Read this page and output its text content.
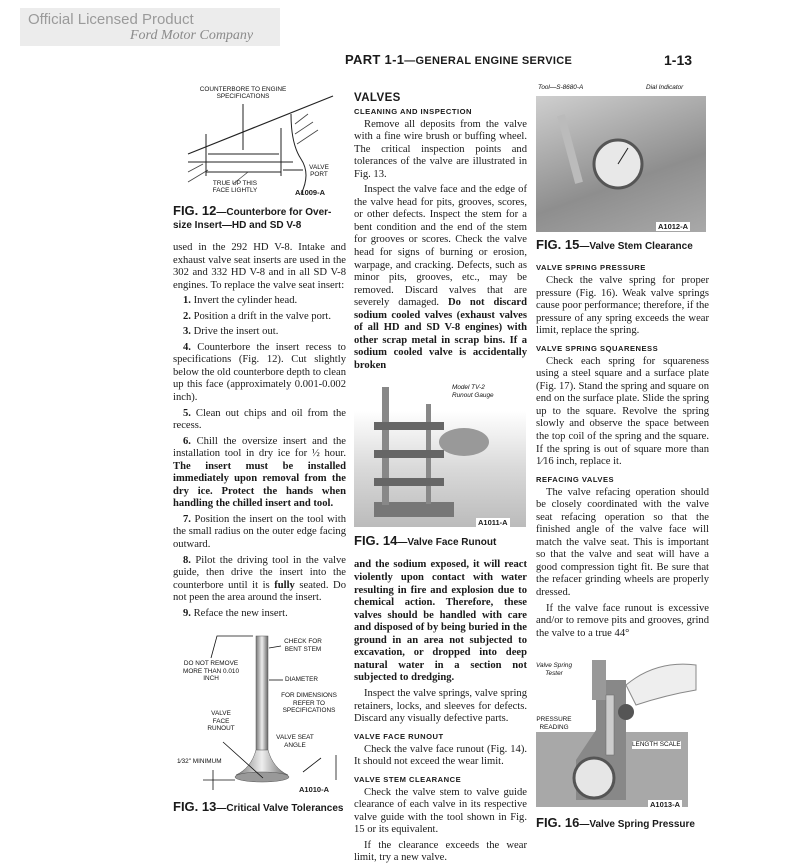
Official Licensed Product
Ford Motor Company
PART 1-1—GENERAL ENGINE SERVICE	1-13
COUNTERBORE TO ENGINE SPECIFICATIONS
VALVE PORT
TRUE UP THIS FACE LIGHTLY	A1009-A
FIG. 12—Counterbore for Over-
size Insert—HD and SD V-8

used in the 292 HD V-8. Intake and exhaust valve seat inserts are used in the 302 and 332 HD V-8 and in all SD V-8 engines. To replace the valve seat insert:

1. Invert the cylinder head.

2. Position a drift in the valve port.

3. Drive the insert out.

4. Counterbore the insert recess to specifications (Fig. 12). Cut slightly below the old counterbore depth to clean up this face (approximately 0.001-0.002 inch).

5. Clean out chips and oil from the recess.

6. Chill the oversize insert and the installation tool in dry ice for ½ hour. The insert must be installed immediately upon removal from the dry ice. Protect the hands when handling the chilled insert and tool.

7. Position the insert on the tool with the small radius on the outer edge facing outward.

8. Pilot the driving tool in the valve guide, then drive the insert into the counterbore until it is fully seated. Do not peen the area around the insert.

9. Reface the new insert.

CHECK FOR BENT STEM
DO NOT REMOVE MORE THAN 0.010 INCH	DIAMETER
FOR DIMENSIONS REFER TO SPECIFICATIONS
VALVE FACE RUNOUT
VALVE SEAT ANGLE
1⁄32" MINIMUM
A1010-A
FIG. 13—Critical Valve Tolerances
VALVES
CLEANING AND INSPECTION

Remove all deposits from the valve with a fine wire brush or buffing wheel. The critical inspection points and tolerances of the valve are illustrated in Fig. 13.

Inspect the valve face and the edge of the valve head for pits, grooves, scores, or other defects. Inspect the stem for a bent condition and the end of the stem for grooves or scores. Check the valve head for signs of burning or erosion, warpage, and cracking. Defects, such as minor pits, grooves, etc., may be removed. Discard valves that are severely damaged. Do not discard sodium cooled valves (exhaust valves of all HD and SD V-8 engines) with other scrap metal in scrap bins. If a sodium cooled valve is accidentally broken

Model TV-2 Runout Gauge
A1011-A
FIG. 14—Valve Face Runout

and the sodium exposed, it will react violently upon contact with water resulting in fire and explosion due to chemical action. Therefore, these valves should be handled with care and disposed of by being buried in the ground in an area not subjected to excavation, or dropped into deep natural water in a section not subjected to dredging.

Inspect the valve springs, valve spring retainers, locks, and sleeves for defects. Discard any visually defective parts.

VALVE FACE RUNOUT

Check the valve face runout (Fig. 14). It should not exceed the wear limit.

VALVE STEM CLEARANCE

Check the valve stem to valve guide clearance of each valve in its respective valve guide with the tool shown in Fig. 15 or its equivalent.

If the clearance exceeds the wear limit, try a new valve.

Tool—S-8680-A	Dial Indicator
A1012-A
FIG. 15—Valve Stem Clearance
VALVE SPRING PRESSURE

Check the valve spring for proper pressure (Fig. 16). Weak valve springs cause poor performance; therefore, if the pressure of any spring exceeds the wear limit, replace the spring.

VALVE SPRING SQUARENESS

Check each spring for squareness using a steel square and a surface plate (Fig. 17). Stand the spring and square on end on the surface plate. Slide the spring up to the square. Revolve the spring slowly and observe the space between the top coil of the spring and the square. If the spring is out of square more than 1⁄16 inch, replace it.

REFACING VALVES

The valve refacing operation should be closely coordinated with the valve seat refacing operation so that the finished angle of the valve face will match the valve seat. This is important so that the valve and seat will have a good compression tight fit. Be sure that the refacer grinding wheels are properly dressed.

If the valve face runout is excessive and/or to remove pits and grooves, grind the valve to a true 44°

Valve Spring Tester
PRESSURE READING
LENGTH SCALE
A1013-A
FIG. 16—Valve Spring Pressure
